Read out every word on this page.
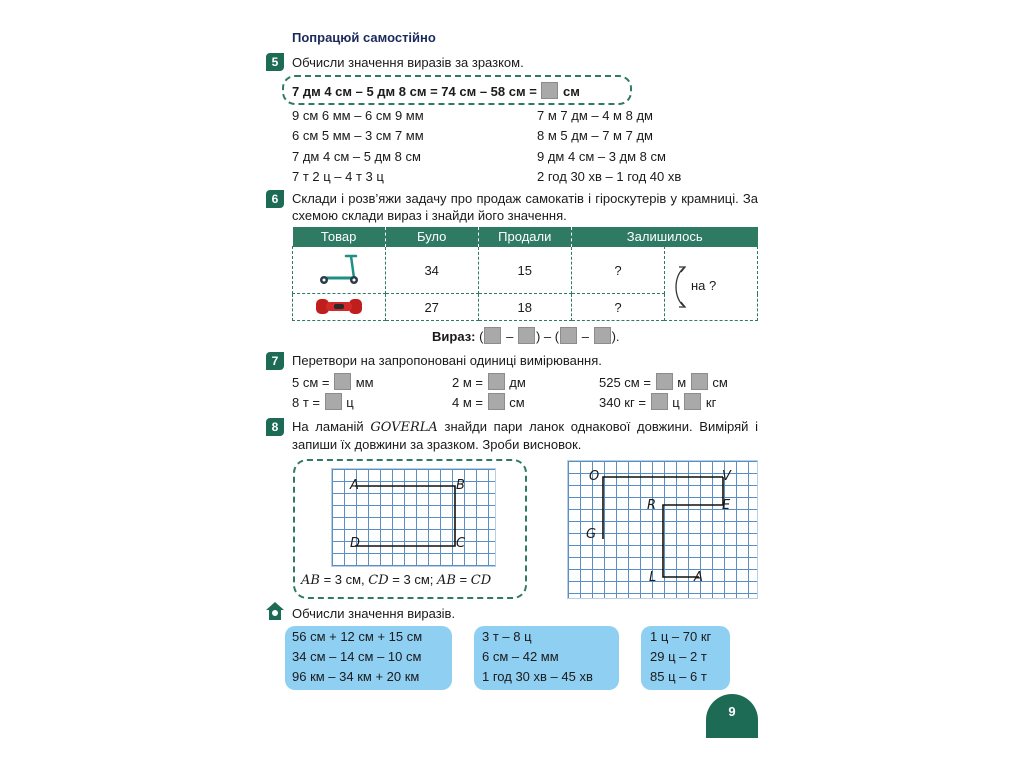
Попрацюй самостійно
5	Обчисли значення виразів за зразком.
7 дм 4 см – 5 дм 8 см = 74 см – 58 см = см
9 см 6 мм – 6 см 9 мм
6 см 5 мм – 3 см 7 мм
7 дм 4 см – 5 дм 8 см
7 т 2 ц – 4 т 3 ц
7 м 7 дм – 4 м 8 дм
8 м 5 дм – 7 м 7 дм
9 дм 4 см – 3 дм 8 см
2 год 30 хв – 1 год 40 хв
6	Склади і розв’яжи задачу про продаж самокатів і гіроскутерів у крамниці. За схемою склади вираз і знайди його значення.
Товар	Було	Продали	Залишилось	
	34	15	?	на ?

	27	18	?	
Вираз: ( – ) – ( – ).
7	Перетвори на запропоновані одиниці вимірювання.
5 см = мм
8 т = ц
2 м = дм
4 м = см
525 см = м см
340 кг = ц кг
8	На ламаній GOVERLA знайди пари ланок однакової довжини. Виміряй і запиши їх довжини за зразком. Зроби висновок.
A	B
C
D
AB = 3 см, CD = 3 см; AB = CD
O	V
R	E
G
L	A
Обчисли значення виразів.
56 см + 12 см + 15 см
34 см – 14 см – 10 см
96 км – 34 км + 20 км
3 т – 8 ц
6 см – 42 мм
1 год 30 хв – 45 хв
1 ц – 70 кг
29 ц – 2 т
85 ц – 6 т
9
